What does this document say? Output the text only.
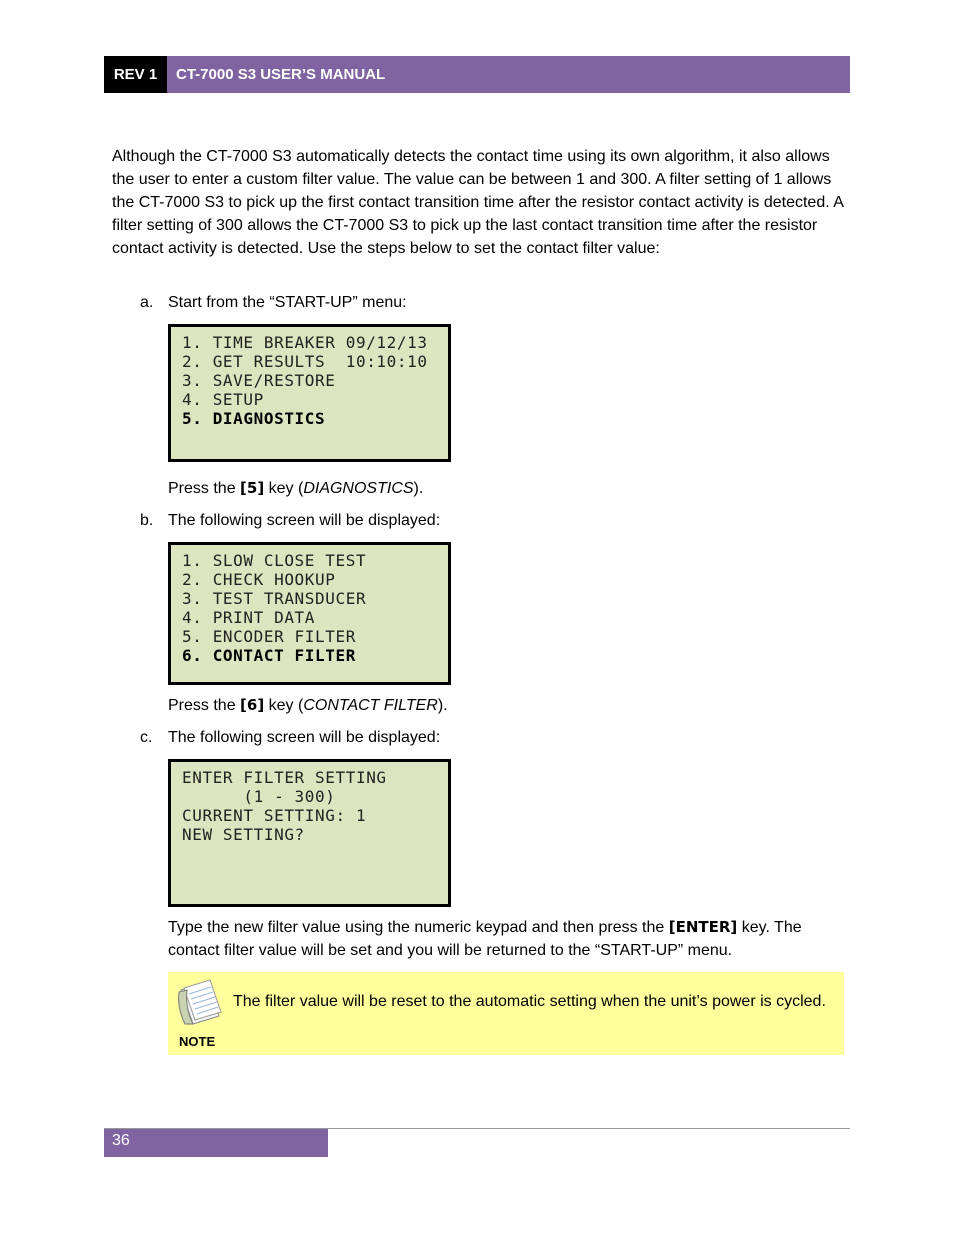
REV 1	CT-7000 S3 USER’S MANUAL

Although the CT-7000 S3 automatically detects the contact time using its own algorithm, it also allows the user to enter a custom filter value. The value can be between 1 and 300. A filter setting of 1 allows the CT-7000 S3 to pick up the first contact transition time after the resistor contact activity is detected. A filter setting of 300 allows the CT-7000 S3 to pick up the last contact transition time after the resistor contact activity is detected. Use the steps below to set the contact filter value:

a. Start from the “START-UP” menu:

1. TIME BREAKER 09/12/13
2. GET RESULTS  10:10:10
3. SAVE/RESTORE
4. SETUP
5. DIAGNOSTICS

Press the [5] key (DIAGNOSTICS).

b. The following screen will be displayed:

1. SLOW CLOSE TEST
2. CHECK HOOKUP
3. TEST TRANSDUCER
4. PRINT DATA
5. ENCODER FILTER
6. CONTACT FILTER

Press the [6] key (CONTACT FILTER).

c. The following screen will be displayed:

ENTER FILTER SETTING
(1 - 300)
CURRENT SETTING: 1
NEW SETTING?

Type the new filter value using the numeric keypad and then press the [ENTER] key. The contact filter value will be set and you will be returned to the “START-UP” menu.

NOTE
The filter value will be reset to the automatic setting when the unit’s power is cycled.
36
